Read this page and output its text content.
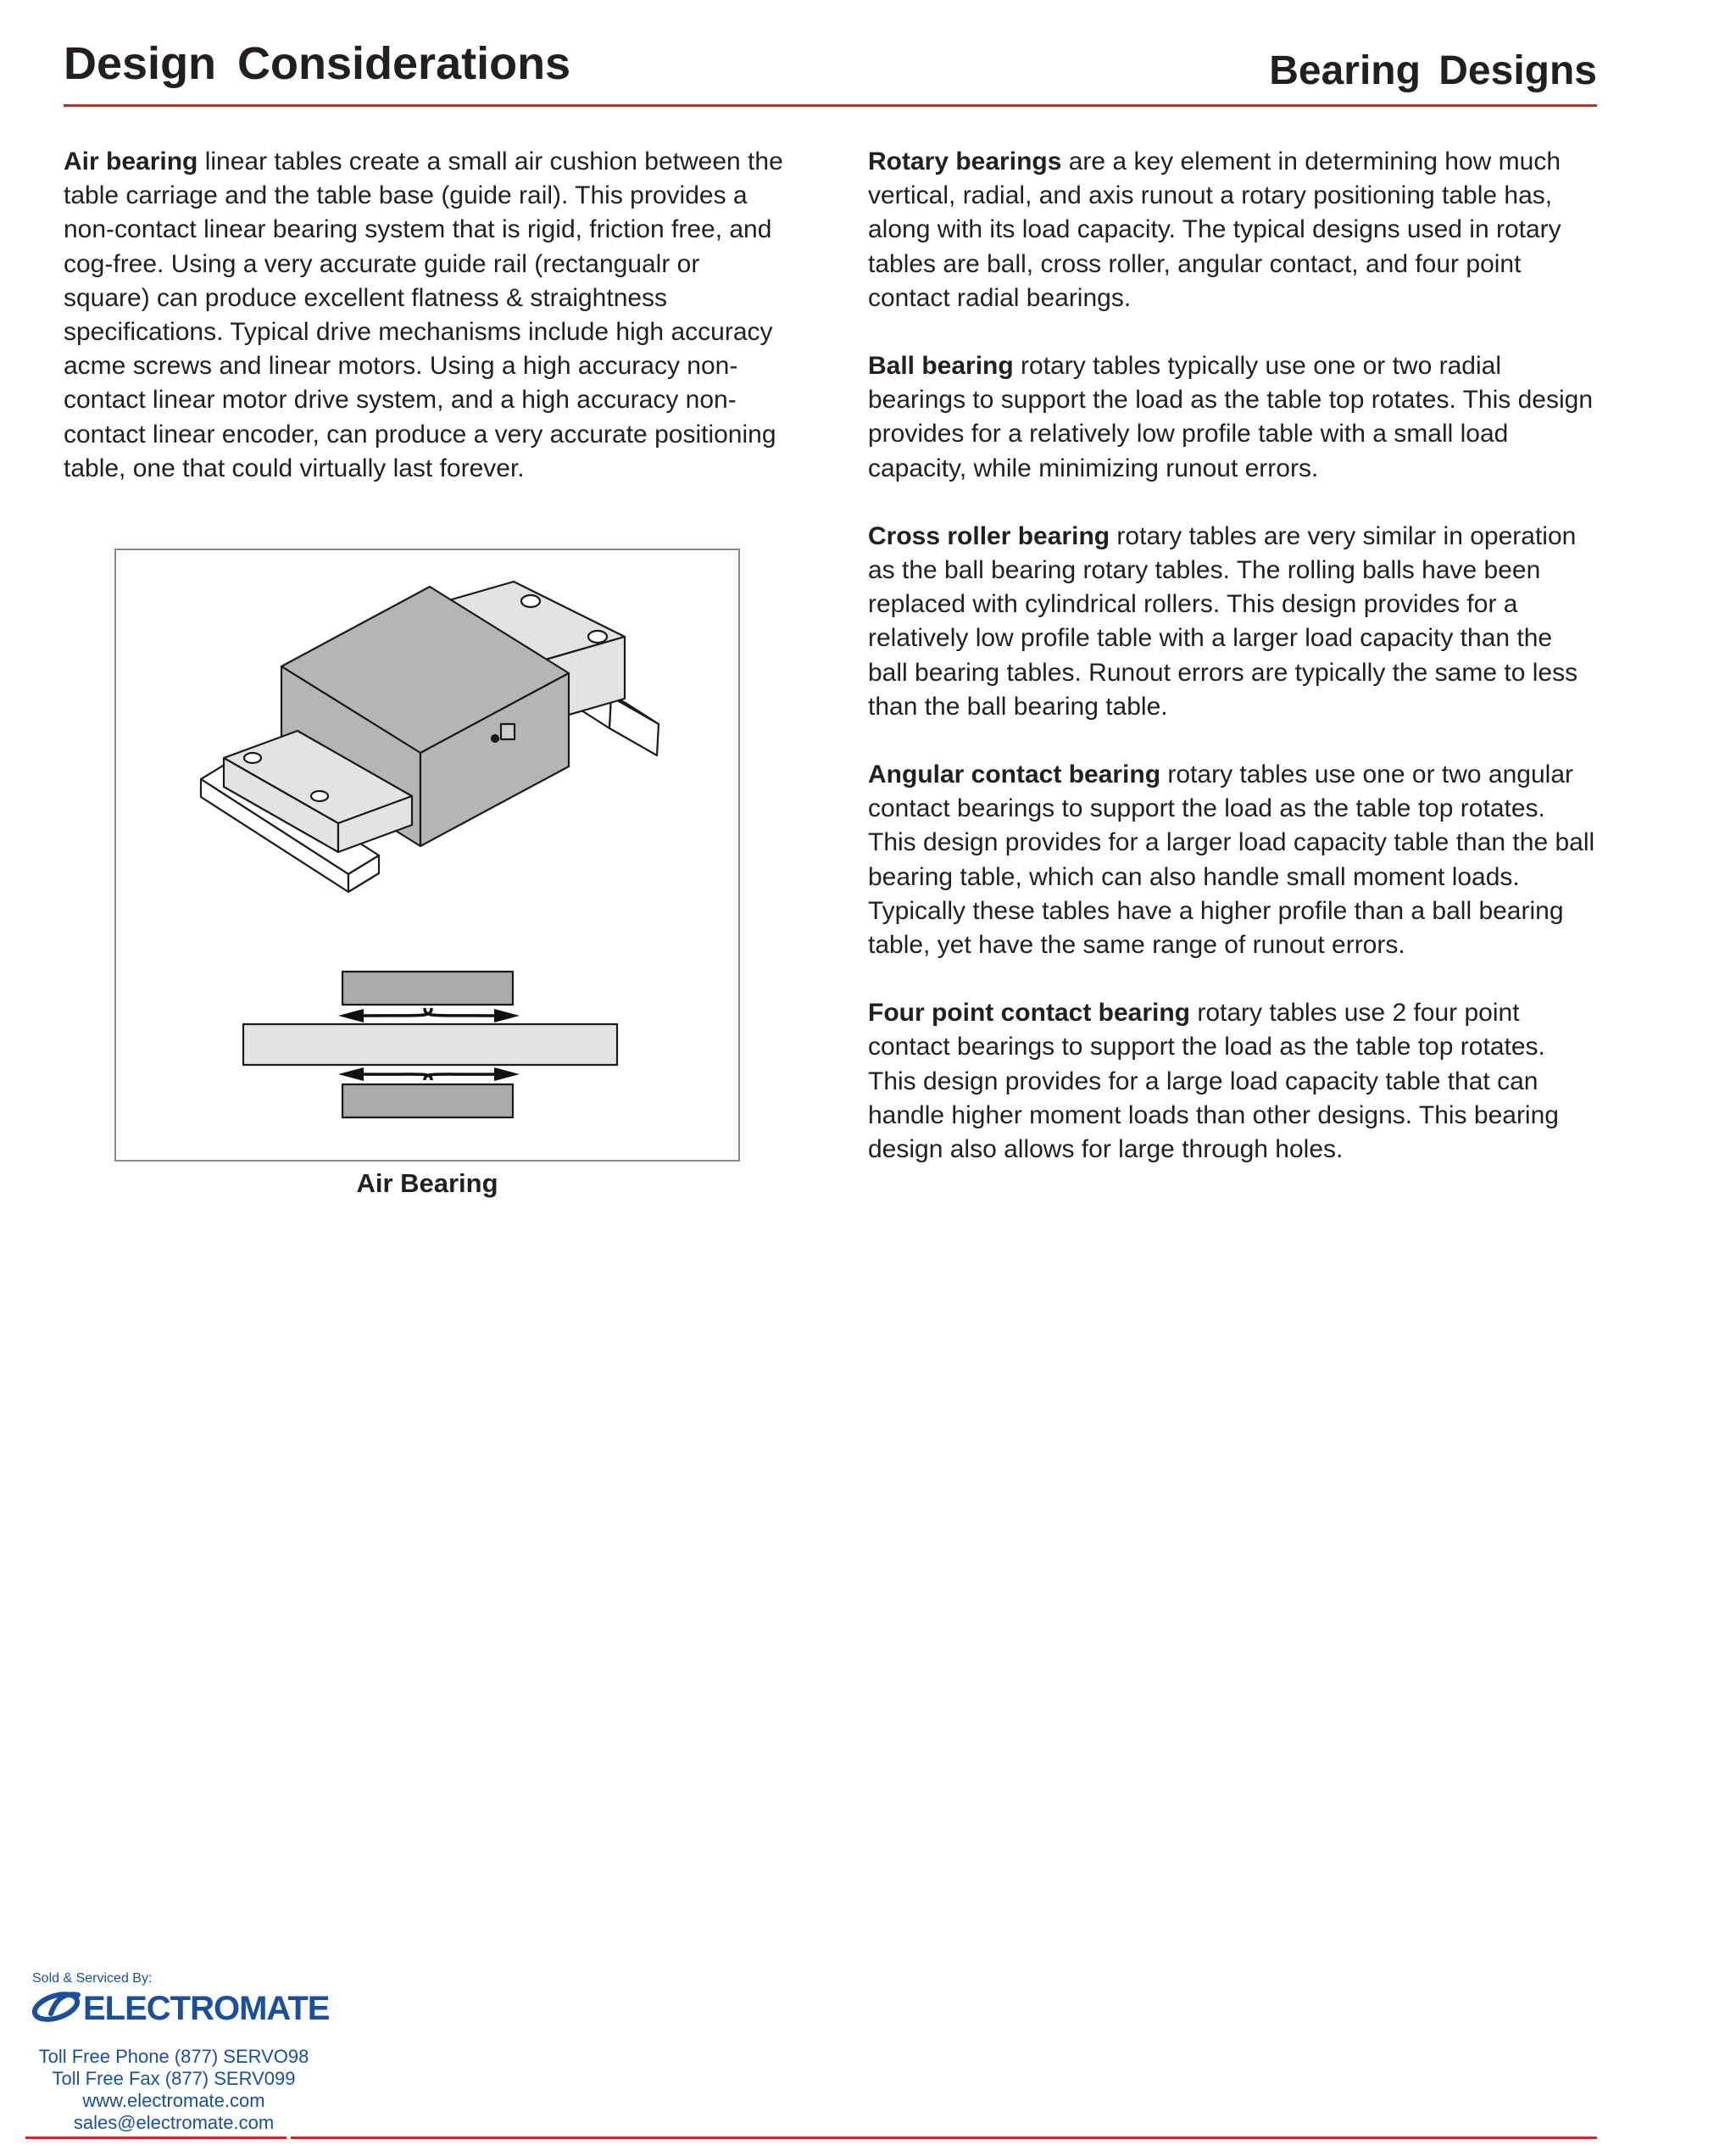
Design Considerations	Bearing Designs

Air bearing linear tables create a small air cushion between the table carriage and the table base (guide rail). This provides a non-contact linear bearing system that is rigid, friction free, and cog-free. Using a very accurate guide rail (rectangualr or square) can produce excellent flatness & straightness specifications. Typical drive mechanisms include high accuracy acme screws and linear motors. Using a high accuracy non-contact linear motor drive system, and a high accuracy non-contact linear encoder, can produce a very accurate positioning table, one that could virtually last forever.

Air Bearing

Rotary bearings are a key element in determining how much vertical, radial, and axis runout a rotary positioning table has, along with its load capacity. The typical designs used in rotary tables are ball, cross roller, angular contact, and four point contact radial bearings.

Ball bearing rotary tables typically use one or two radial bearings to support the load as the table top rotates. This design provides for a relatively low profile table with a small load capacity, while minimizing runout errors.

Cross roller bearing rotary tables are very similar in operation as the ball bearing rotary tables. The rolling balls have been replaced with cylindrical rollers. This design provides for a relatively low profile table with a larger load capacity than the ball bearing tables. Runout errors are typically the same to less than the ball bearing table.

Angular contact bearing rotary tables use one or two angular contact bearings to support the load as the table top rotates. This design provides for a larger load capacity table than the ball bearing table, which can also handle small moment loads. Typically these tables have a higher profile than a ball bearing table, yet have the same range of runout errors.

Four point contact bearing rotary tables use 2 four point contact bearings to support the load as the table top rotates. This design provides for a large load capacity table that can handle higher moment loads than other designs. This bearing design also allows for large through holes.

Sold & Serviced By:
ELECTROMATE
Toll Free Phone (877) SERVO98
Toll Free Fax (877) SERV099
www.electromate.com
sales@electromate.com
